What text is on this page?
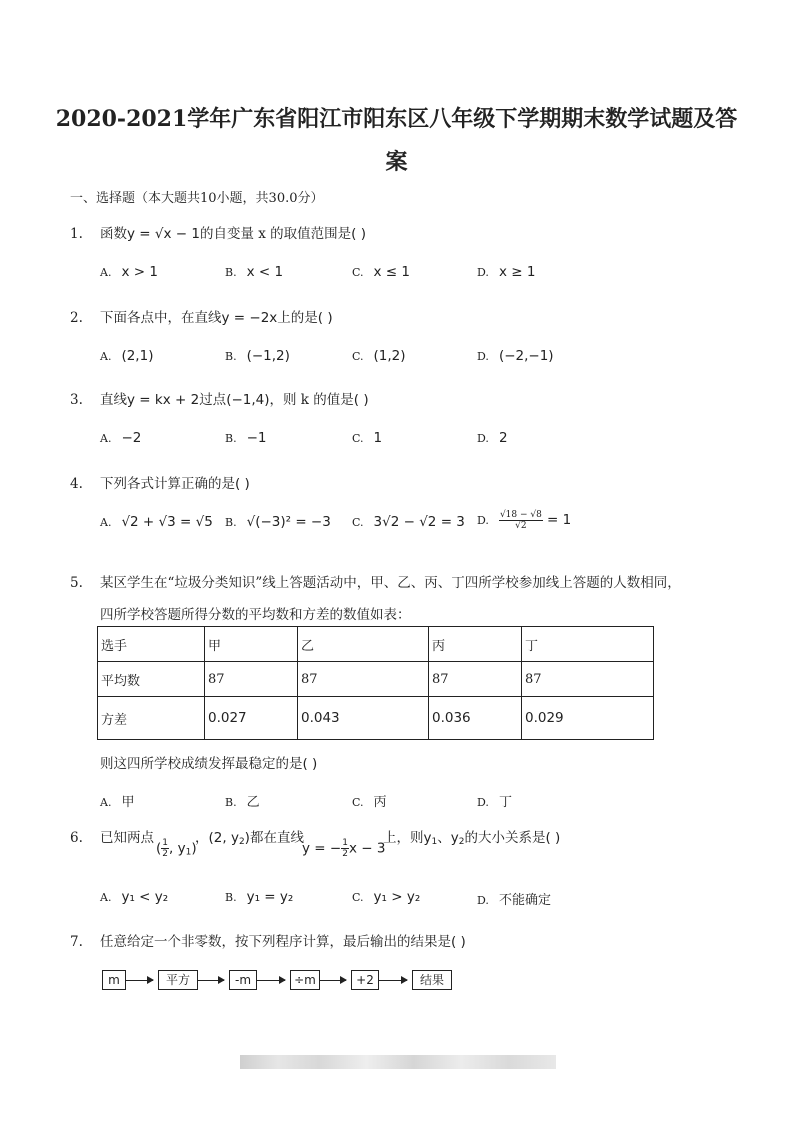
2020-2021学年广东省阳江市阳东区八年级下学期期末数学试题及答
案
一、选择题（本大题共10小题，共30.0分）
1. 函数y = √x − 1的自变量 x 的取值范围是( )
A. x > 1	B. x < 1	C. x ≤ 1	D. x ≥ 1
2. 下面各点中，在直线y = −2x上的是( )
A. (2,1)	B. (−1,2)	C. (1,2)	D. (−2,−1)
3. 直线y = kx + 2过点(−1,4)，则 k 的值是( )
A. −2	B. −1	C. 1	D. 2
4. 下列各式计算正确的是( )
A. √2 + √3 = √5 B. √(−3)² = −3 C. 3√2 − √2 = 3 D. $\frac{√18 - √8}{√2} = 1$
5. 某区学生在“垃圾分类知识”线上答题活动中，甲、乙、丙、丁四所学校参加线上答题的人数相同，
四所学校答题所得分数的平均数和方差的数值如表：
选手	甲	乙	丙	丁
平均数	87	87	87	87
方差	0.027	0.043	0.036	0.029
则这四所学校成绩发挥最稳定的是( )
A. 甲	B. 乙	C. 丙	D. 丁
6. 已知两点
( $\frac{1}{2}$ , $y_1$)
，(2, $y_2$)都在直线
y = − $\frac{1}{2}$ x − 3
上，则$y_1$、$y_2$的大小关系是( )
A. y₁ < y₂	B. y₁ = y₂	C. y₁ > y₂	D. 不能确定
7. 任意给定一个非零数，按下列程序计算，最后输出的结果是( )
m	平方	-m	÷m	+2	结果
